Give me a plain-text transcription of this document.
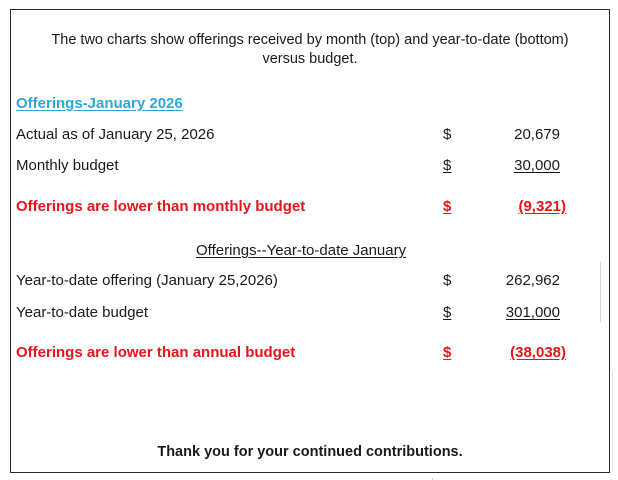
The two charts show offerings received by month (top) and year-to-date (bottom)
versus budget.
Offerings-January 2026
Actual as of January 25, 2026	$	20,679
Monthly budget	$	30,000
Offerings are lower than monthly budget	$	(9,321)
Offerings--Year-to-date January
Year-to-date offering (January 25,2026)	$	262,962
Year-to-date budget	$	301,000
Offerings are lower than annual budget	$	(38,038)
Thank you for your continued contributions.
